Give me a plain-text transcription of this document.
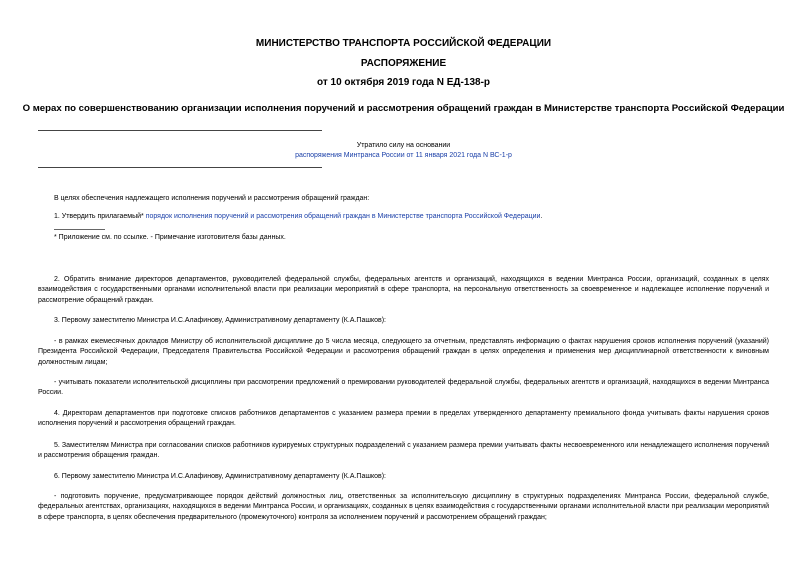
МИНИСТЕРСТВО ТРАНСПОРТА РОССИЙСКОЙ ФЕДЕРАЦИИ
РАСПОРЯЖЕНИЕ
от 10 октября 2019 года N ЕД-138-р
О мерах по совершенствованию организации исполнения поручений и рассмотрения обращений граждан в Министерстве транспорта Российской Федерации
Утратило силу на основании
распоряжения Минтранса России от 11 января 2021 года N ВС-1-р

В целях обеспечения надлежащего исполнения поручений и рассмотрения обращений граждан:

1. Утвердить прилагаемый* порядок исполнения поручений и рассмотрения обращений граждан в Министерстве транспорта Российской Федерации.

* Приложение см. по ссылке. - Примечание изготовителя базы данных.

2. Обратить внимание директоров департаментов, руководителей федеральной службы, федеральных агентств и организаций, находящихся в ведении Минтранса России, организаций, созданных в целях взаимодействия с государственными органами исполнительной власти при реализации мероприятий в сфере транспорта, на персональную ответственность за своевременное и надлежащее исполнение поручений и рассмотрение обращений граждан.

3. Первому заместителю Министра И.С.Алафинову, Административному департаменту (К.А.Пашков):

- в рамках ежемесячных докладов Министру об исполнительской дисциплине до 5 числа месяца, следующего за отчетным, представлять информацию о фактах нарушения сроков исполнения поручений (указаний) Президента Российской Федерации, Председателя Правительства Российской Федерации и рассмотрения обращений граждан в целях определения и применения мер дисциплинарной ответственности к виновным должностным лицам;

- учитывать показатели исполнительской дисциплины при рассмотрении предложений о премировании руководителей федеральной службы, федеральных агентств и организаций, находящихся в ведении Минтранса России.

4. Директорам департаментов при подготовке списков работников департаментов с указанием размера премии в пределах утвержденного департаменту премиального фонда учитывать факты нарушения сроков исполнения поручений и рассмотрения обращений граждан.

5. Заместителям Министра при согласовании списков работников курируемых структурных подразделений с указанием размера премии учитывать факты несвоевременного или ненадлежащего исполнения поручений и рассмотрения обращения граждан.

6. Первому заместителю Министра И.С.Алафинову, Административному департаменту (К.А.Пашков):

- подготовить поручение, предусматривающее порядок действий должностных лиц, ответственных за исполнительскую дисциплину в структурных подразделениях Минтранса России, федеральной службе, федеральных агентствах, организациях, находящихся в ведении Минтранса России, и организациях, созданных в целях взаимодействия с государственными органами исполнительной власти при реализации мероприятий в сфере транспорта, в целях обеспечения предварительного (промежуточного) контроля за исполнением поручений и рассмотрением обращений граждан;
